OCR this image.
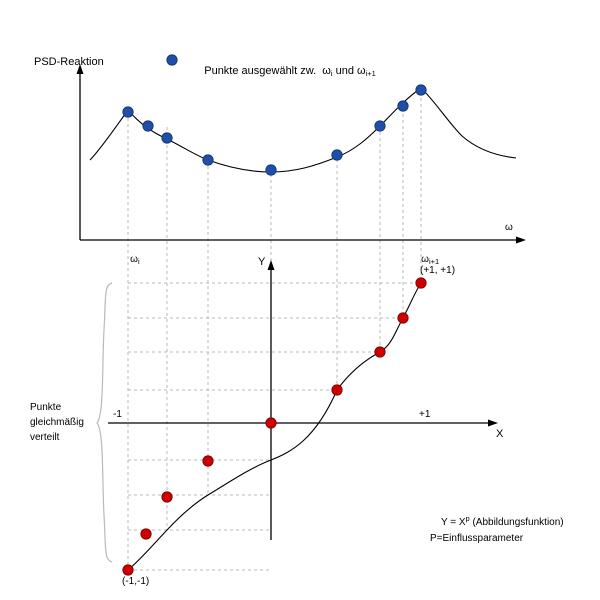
PSD-Reaktion

Punkte ausgewählt zw. $\omega_i$ und $\omega_{i+1}$

ω

$\omega_i$
	$\omega_{i+1}$

Y
X
-1	+1
(+1, +1)
(-1,-1)
Punkte
gleichmäßig
verteilt

$Y = X^p$ (Abbildungsfunktion)

P=Einflussparameter
